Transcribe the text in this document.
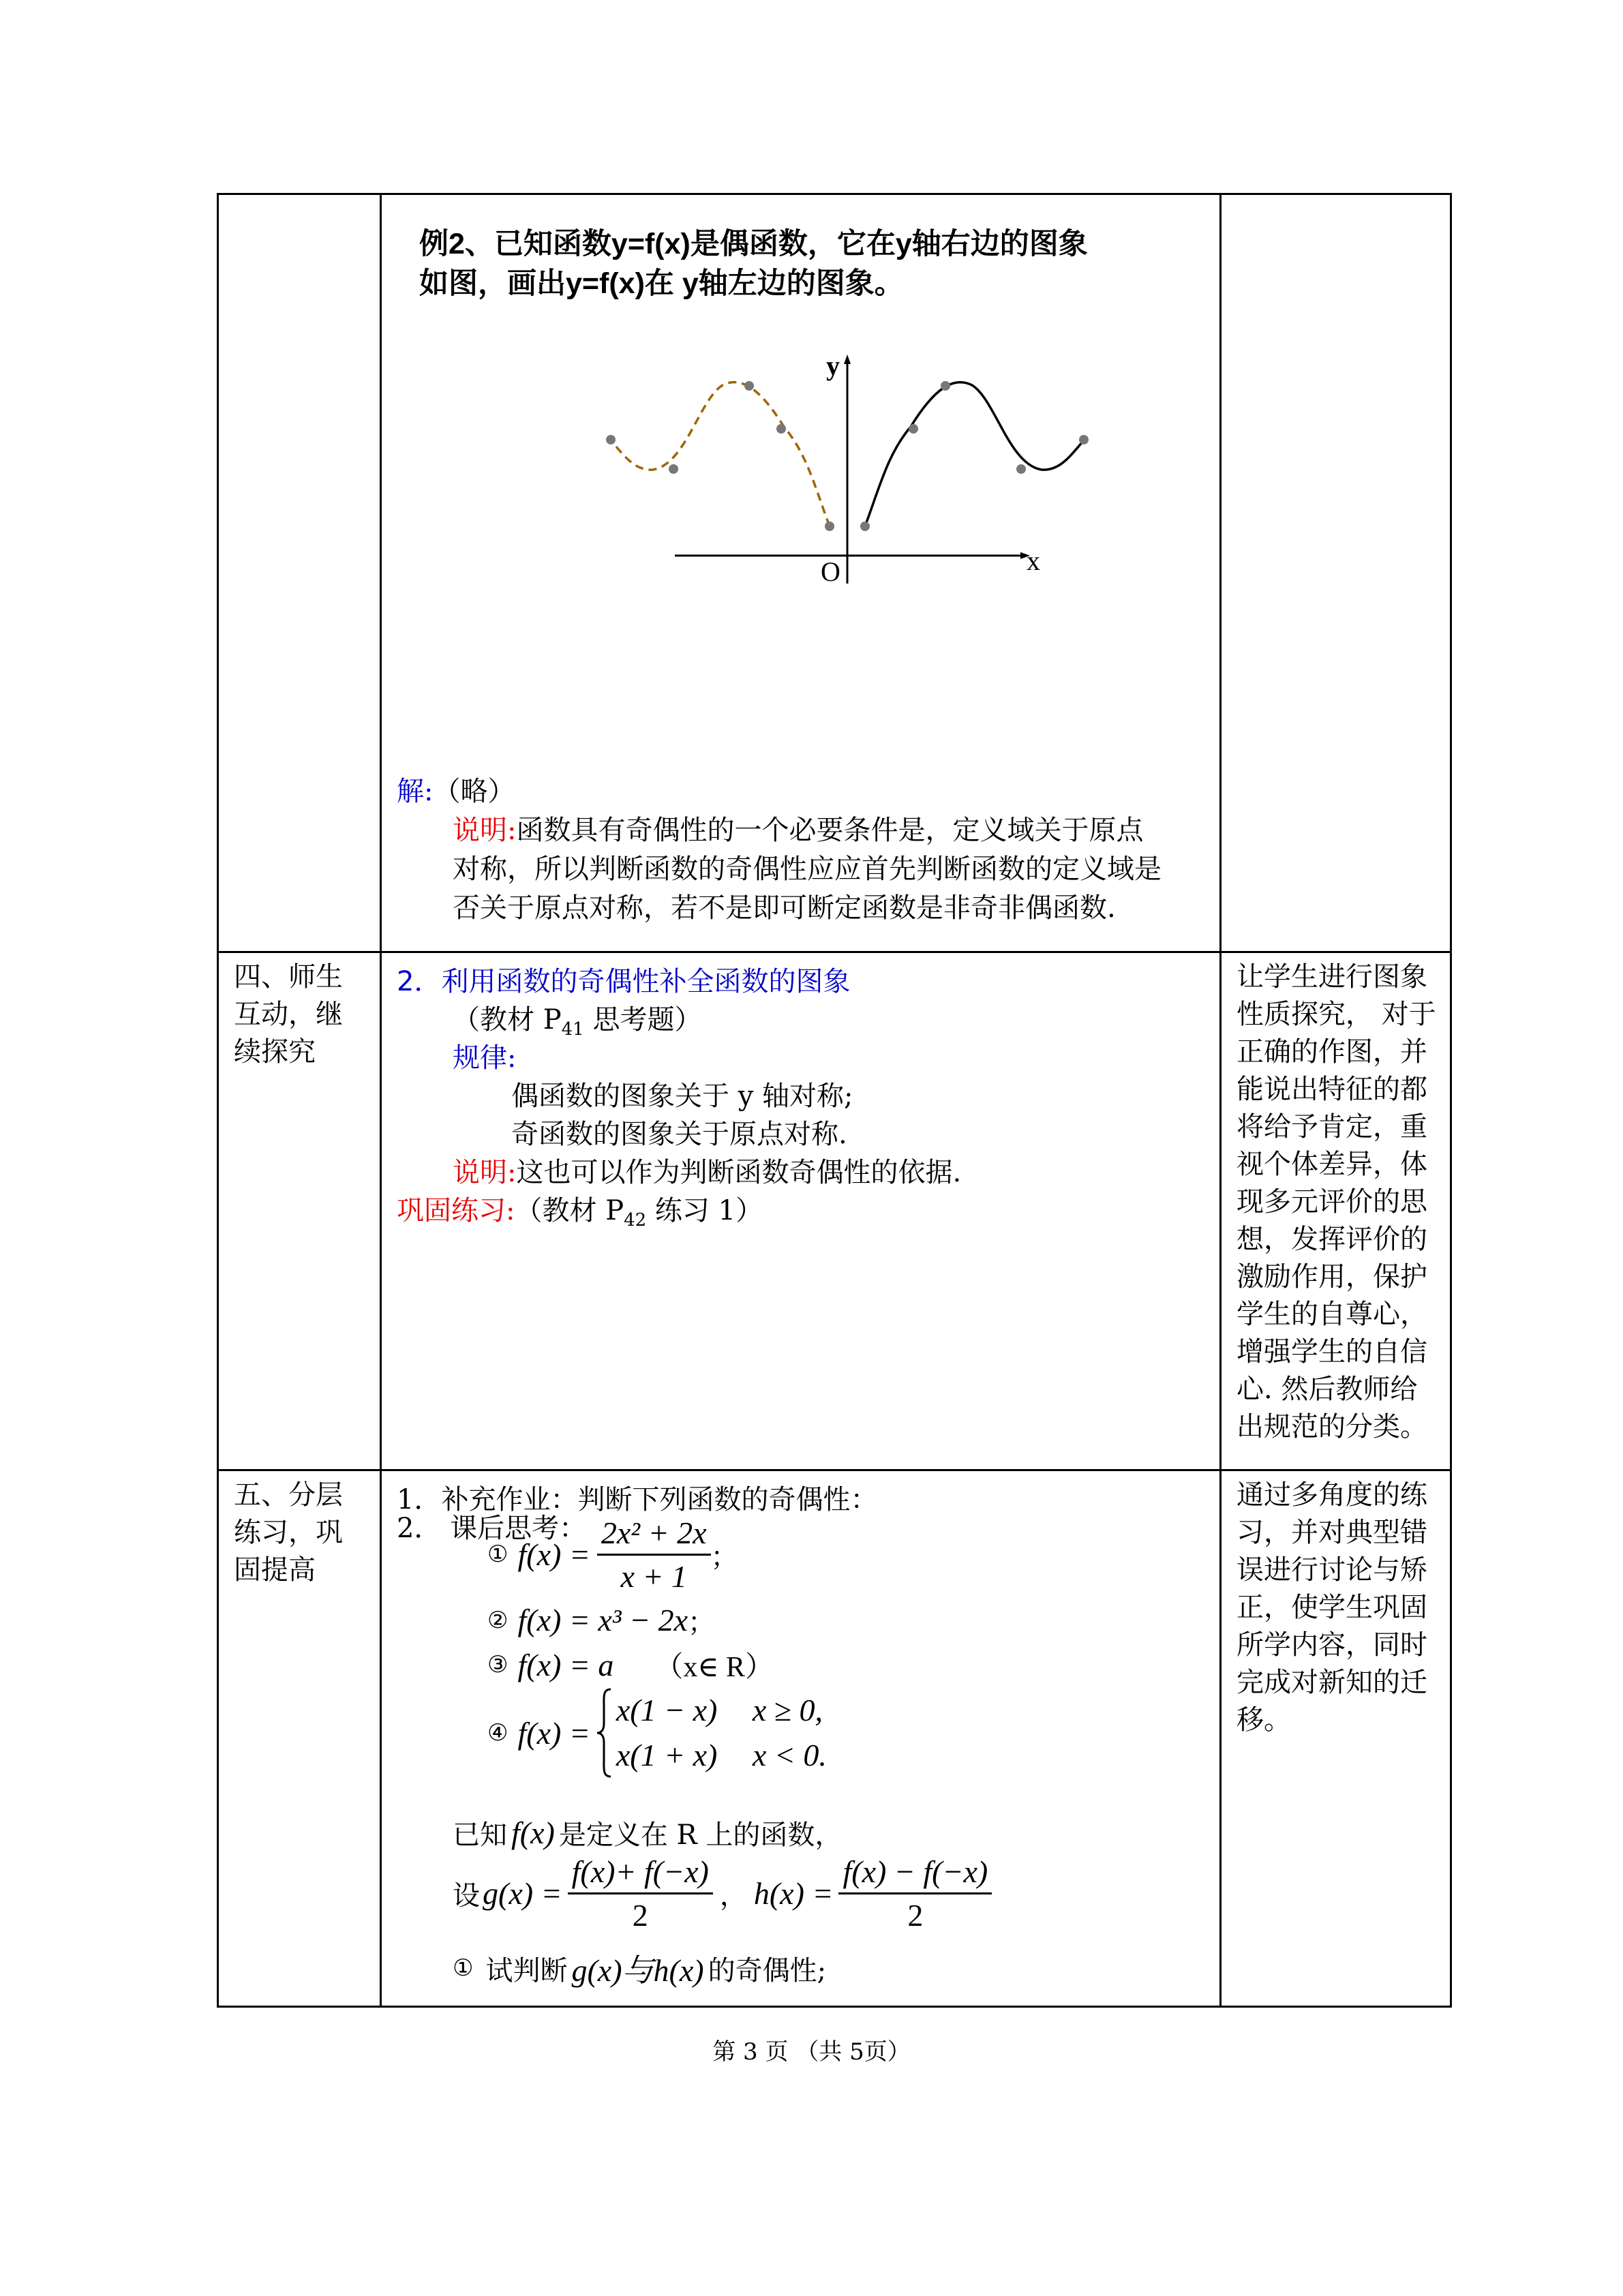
例2、已知函数y=f(x)是偶函数，它在y轴右边的图象
如图，画出y=f(x)在 y轴左边的图象。
y
x
O
解:（略）
说明:函数具有奇偶性的一个必要条件是，定义域关于原点
对称，所以判断函数的奇偶性应应首先判断函数的定义域是
否关于原点对称，若不是即可断定函数是非奇非偶函数.
四、师生
互动，继
续探究
2．利用函数的奇偶性补全函数的图象
（教材 $P_{41}$ 思考题）
规律:
偶函数的图象关于 y 轴对称;
奇函数的图象关于原点对称.
说明:这也可以作为判断函数奇偶性的依据.
巩固练习:（教材 $P_{42}$ 练习 1）
让学生进行图象
性质探究， 对于
正确的作图，并
能说出特征的都
将给予肯定，重
视个体差异，体
现多元评价的思
想，发挥评价的
激励作用，保护
学生的自尊心，
增强学生的自信
心. 然后教师给
出规范的分类。
五、分层
练习，巩
固提高
1．补充作业：判断下列函数的奇偶性：
① $f(x) = \frac{\text{2x² + 2x}}{x + 1}$ ；
② f(x) = x³ − 2x ；
③ f(x) = a （x∈ R）
④ f(x) =
x(1 − x) x ≥ 0,
x(1 + x) x < 0.
2． 课后思考：
已知 f(x) 是定义在 R 上的函数，
设 $g(x) = \frac{f(x)+ f(-x)}{2}$ ， $h(x) = \frac{f(x) - f(-x)}{2}$
① 试判断 g(x)与h(x) 的奇偶性;
通过多角度的练
习，并对典型错
误进行讨论与矫
正，使学生巩固
所学内容，同时
完成对新知的迁
移。
第 3 页 （共 5页）
